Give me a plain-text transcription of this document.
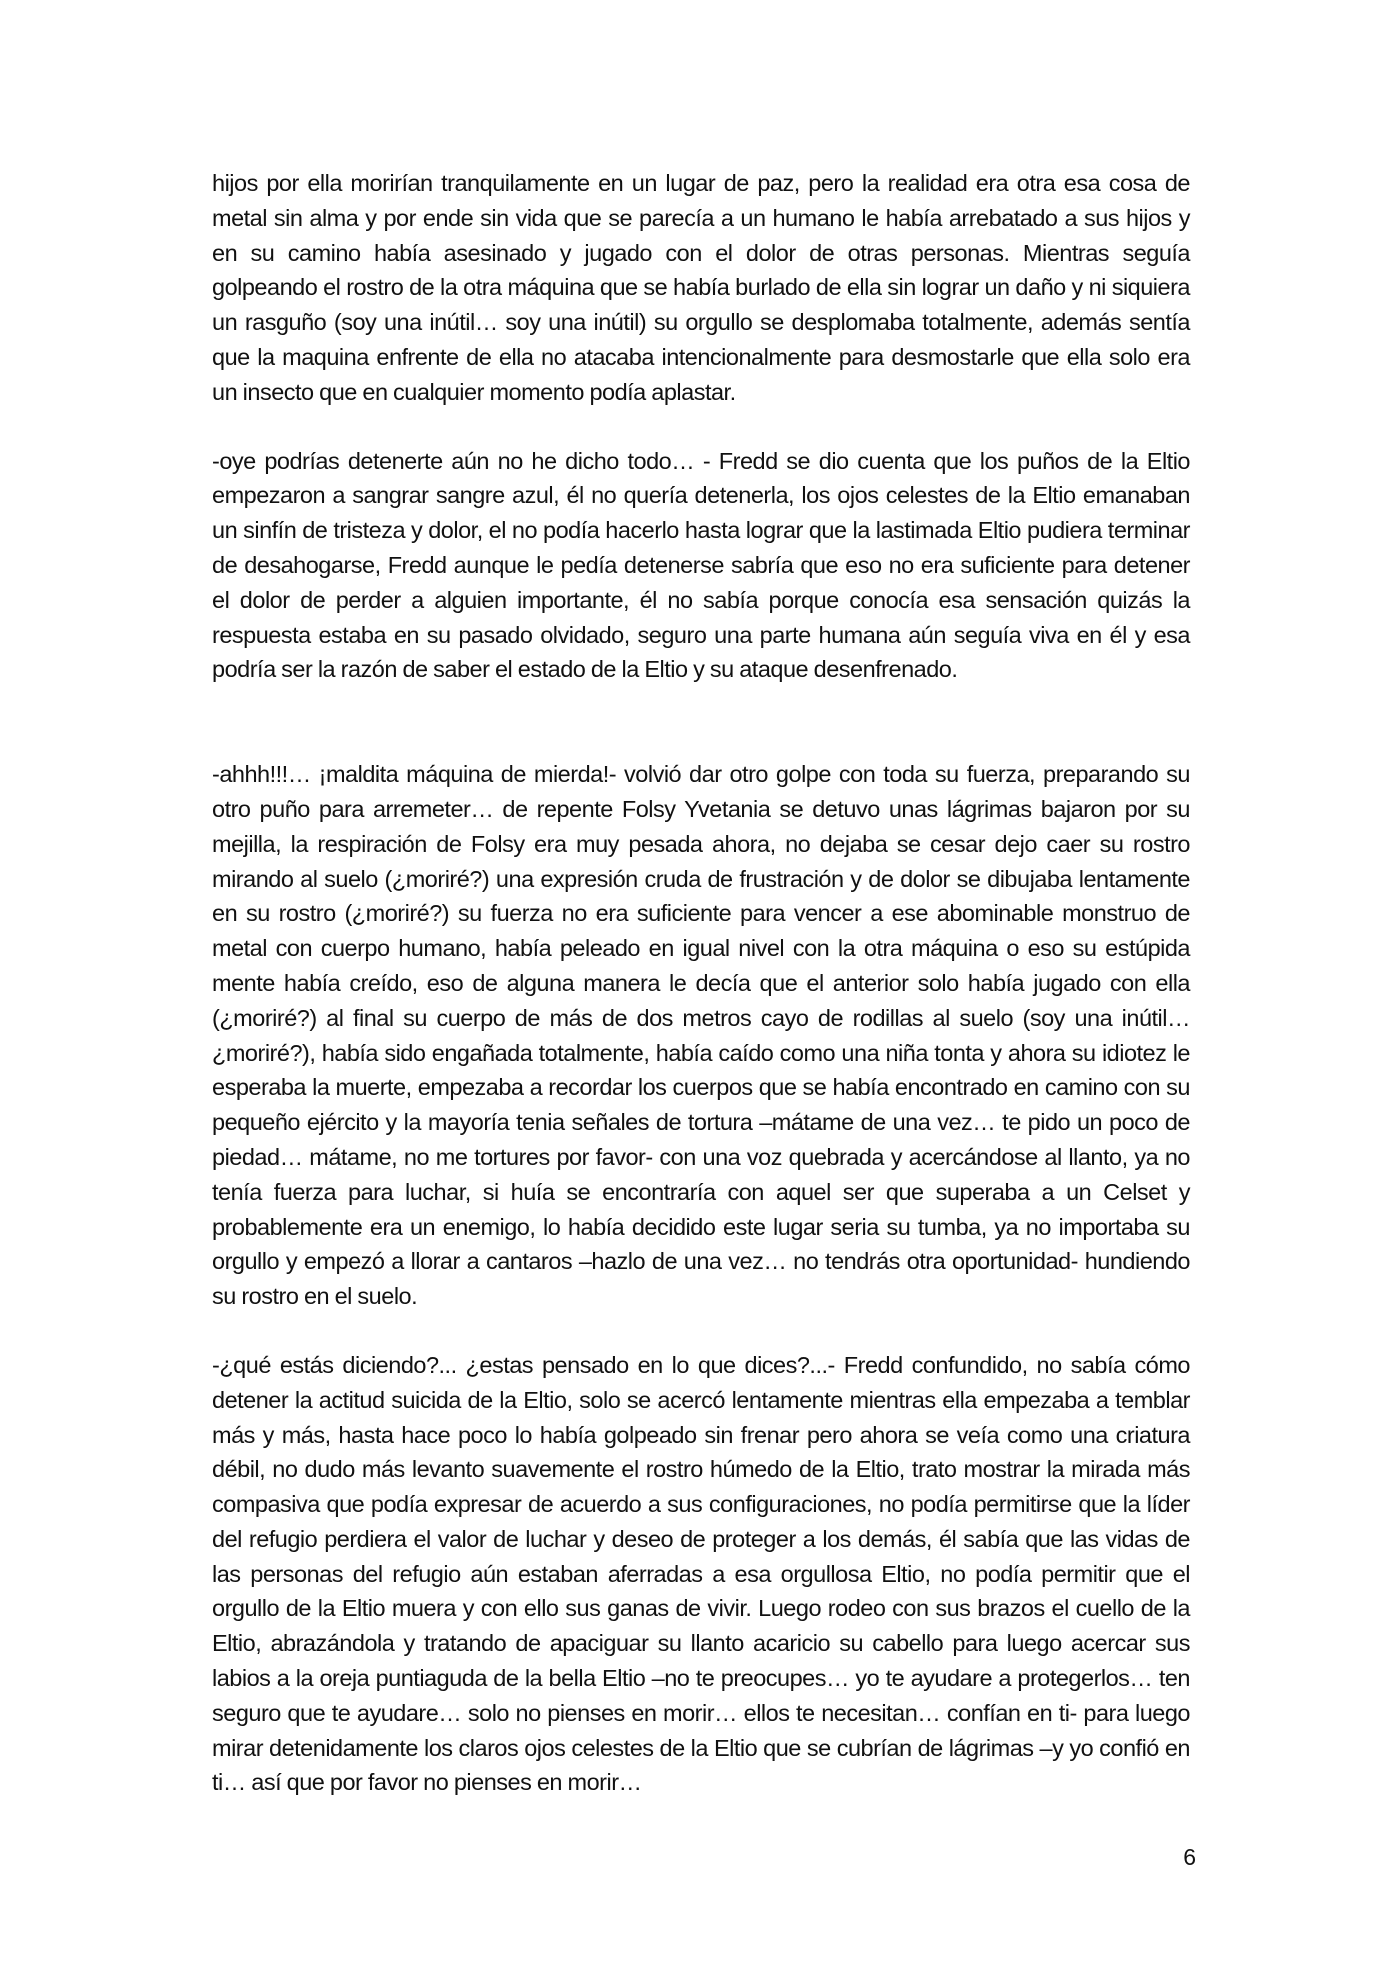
hijos por ella morirían tranquilamente en un lugar de paz, pero la realidad era otra esa cosa de metal sin alma y por ende sin vida que se parecía a un humano le había arrebatado a sus hijos y en su camino había asesinado y jugado con el dolor de otras personas. Mientras seguía golpeando el rostro de la otra máquina que se había burlado de ella sin lograr un daño y ni siquiera un rasguño (soy una inútil… soy una inútil) su orgullo se desplomaba totalmente, además sentía que la maquina enfrente de ella no atacaba intencionalmente para desmostarle que ella solo era un insecto que en cualquier momento podía aplastar.

-oye podrías detenerte aún no he dicho todo… - Fredd se dio cuenta que los puños de la Eltio empezaron a sangrar sangre azul, él no quería detenerla, los ojos celestes de la Eltio emanaban un sinfín de tristeza y dolor, el no podía hacerlo hasta lograr que la lastimada Eltio pudiera terminar de desahogarse, Fredd aunque le pedía detenerse sabría que eso no era suficiente para detener el dolor de perder a alguien importante, él no sabía porque conocía esa sensación quizás la respuesta estaba en su pasado olvidado, seguro una parte humana aún seguía viva en él y esa podría ser la razón de saber el estado de la Eltio y su ataque desenfrenado.

-ahhh!!!… ¡maldita máquina de mierda!- volvió dar otro golpe con toda su fuerza, preparando su otro puño para arremeter… de repente Folsy Yvetania se detuvo unas lágrimas bajaron por su mejilla, la respiración de Folsy era muy pesada ahora, no dejaba se cesar dejo caer su rostro mirando al suelo (¿moriré?) una expresión cruda de frustración y de dolor se dibujaba lentamente en su rostro (¿moriré?) su fuerza no era suficiente para vencer a ese abominable monstruo de metal con cuerpo humano, había peleado en igual nivel con la otra máquina o eso su estúpida mente había creído, eso de alguna manera le decía que el anterior solo había jugado con ella (¿moriré?) al final su cuerpo de más de dos metros cayo de rodillas al suelo (soy una inútil… ¿moriré?), había sido engañada totalmente, había caído como una niña tonta y ahora su idiotez le esperaba la muerte, empezaba a recordar los cuerpos que se había encontrado en camino con su pequeño ejército y la mayoría tenia señales de tortura –mátame de una vez… te pido un poco de piedad… mátame, no me tortures por favor- con una voz quebrada y acercándose al llanto, ya no tenía fuerza para luchar, si huía se encontraría con aquel ser que superaba a un Celset y probablemente era un enemigo, lo había decidido este lugar seria su tumba, ya no importaba su orgullo y empezó a llorar a cantaros –hazlo de una vez… no tendrás otra oportunidad- hundiendo su rostro en el suelo.

-¿qué estás diciendo?... ¿estas pensado en lo que dices?...- Fredd confundido, no sabía cómo detener la actitud suicida de la Eltio, solo se acercó lentamente mientras ella empezaba a temblar más y más, hasta hace poco lo había golpeado sin frenar pero ahora se veía como una criatura débil, no dudo más levanto suavemente el rostro húmedo de la Eltio, trato mostrar la mirada más compasiva que podía expresar de acuerdo a sus configuraciones, no podía permitirse que la líder del refugio perdiera el valor de luchar y deseo de proteger a los demás, él sabía que las vidas de las personas del refugio aún estaban aferradas a esa orgullosa Eltio, no podía permitir que el orgullo de la Eltio muera y con ello sus ganas de vivir. Luego rodeo con sus brazos el cuello de la Eltio, abrazándola y tratando de apaciguar su llanto acaricio su cabello para luego acercar sus labios a la oreja puntiaguda de la bella Eltio –no te preocupes… yo te ayudare a protegerlos… ten seguro que te ayudare… solo no pienses en morir… ellos te necesitan… confían en ti- para luego mirar detenidamente los claros ojos celestes de la Eltio que se cubrían de lágrimas –y yo confió en ti… así que por favor no pienses en morir…

6
